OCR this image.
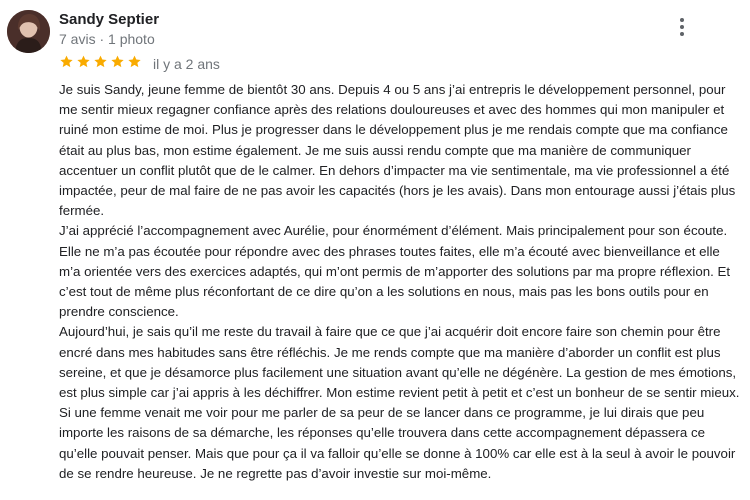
Sandy Septier
7 avis · 1 photo
il y a 2 ans

Je suis Sandy, jeune femme de bientôt 30 ans. Depuis 4 ou 5 ans j’ai entrepris le développement personnel, pour me sentir mieux regagner confiance après des relations douloureuses et avec des hommes qui mon manipuler et ruiné mon estime de moi. Plus je progresser dans le développement plus je me rendais compte que ma confiance était au plus bas, mon estime également. Je me suis aussi rendu compte que ma manière de communiquer accentuer un conflit plutôt que de le calmer. En dehors d’impacter ma vie sentimentale, ma vie professionnel a été impactée, peur de mal faire de ne pas avoir les capacités (hors je les avais). Dans mon entourage aussi j’étais plus fermée.

J’ai apprécié l’accompagnement avec Aurélie, pour énormément d’élément. Mais principalement pour son écoute. Elle ne m’a pas écoutée pour répondre avec des phrases toutes faites, elle m’a écouté avec bienveillance et elle m’a orientée vers des exercices adaptés, qui m’ont permis de m’apporter des solutions par ma propre réflexion. Et c’est tout de même plus réconfortant de ce dire qu’on a les solutions en nous, mais pas les bons outils pour en prendre conscience.

Aujourd’hui, je sais qu’il me reste du travail à faire que ce que j’ai acquérir doit encore faire son chemin pour être encré dans mes habitudes sans être réfléchis. Je me rends compte que ma manière d’aborder un conflit est plus sereine, et que je désamorce plus facilement une situation avant qu’elle ne dégénère. La gestion de mes émotions, est plus simple car j’ai appris à les déchiffrer. Mon estime revient petit à petit et c’est un bonheur de se sentir mieux.

Si une femme venait me voir pour me parler de sa peur de se lancer dans ce programme, je lui dirais que peu importe les raisons de sa démarche, les réponses qu’elle trouvera dans cette accompagnement dépassera ce qu’elle pouvait penser. Mais que pour ça il va falloir qu’elle se donne à 100% car elle est à la seul à avoir le pouvoir de se rendre heureuse. Je ne regrette pas d’avoir investie sur moi-même.
